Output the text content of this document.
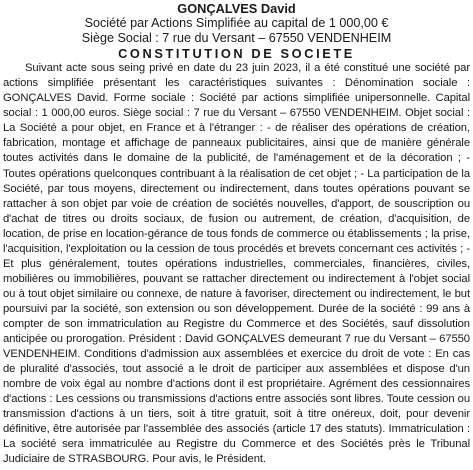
GONÇALVES David
Société par Actions Simplifiée au capital de 1 000,00 €
Siège Social : 7 rue du Versant – 67550 VENDENHEIM
CONSTITUTION DE SOCIETE

Suivant acte sous seing privé en date du 23 juin 2023, il a été constitué une société par actions simplifiée présentant les caractéristiques suivantes : Dénomination sociale : GONÇALVES David. Forme sociale : Société par actions simplifiée unipersonnelle. Capital social : 1 000,00 euros. Siège social : 7 rue du Versant – 67550 VENDENHEIM. Objet social : La Société a pour objet, en France et à l'étranger : - de réaliser des opérations de création, fabrication, montage et affichage de panneaux publicitaires, ainsi que de manière générale toutes activités dans le domaine de la publicité, de l'aménagement et de la décoration ; - Toutes opérations quelconques contribuant à la réalisation de cet objet ; - La participation de la Société, par tous moyens, directement ou indirectement, dans toutes opérations pouvant se rattacher à son objet par voie de création de sociétés nouvelles, d'apport, de souscription ou d'achat de titres ou droits sociaux, de fusion ou autrement, de création, d'acquisition, de location, de prise en location-gérance de tous fonds de commerce ou établissements ; la prise, l'acquisition, l'exploitation ou la cession de tous procédés et brevets concernant ces activités ; - Et plus généralement, toutes opérations industrielles, commerciales, financières, civiles, mobilières ou immobilières, pouvant se rattacher directement ou indirectement à l'objet social ou à tout objet similaire ou connexe, de nature à favoriser, directement ou indirectement, le but poursuivi par la société, son extension ou son développement. Durée de la société : 99 ans à compter de son immatriculation au Registre du Commerce et des Sociétés, sauf dissolution anticipée ou prorogation. Président : David GONÇALVES demeurant 7 rue du Versant – 67550 VENDENHEIM. Conditions d'admission aux assemblées et exercice du droit de vote : En cas de pluralité d'associés, tout associé a le droit de participer aux assemblées et dispose d'un nombre de voix égal au nombre d'actions dont il est propriétaire. Agrément des cessionnaires d'actions : Les cessions ou transmissions d'actions entre associés sont libres. Toute cession ou transmission d'actions à un tiers, soit à titre gratuit, soit à titre onéreux, doit, pour devenir définitive, être autorisée par l'assemblée des associés (article 17 des statuts). Immatriculation : La société sera immatriculée au Registre du Commerce et des Sociétés près le Tribunal Judiciaire de STRASBOURG. Pour avis, le Président.
